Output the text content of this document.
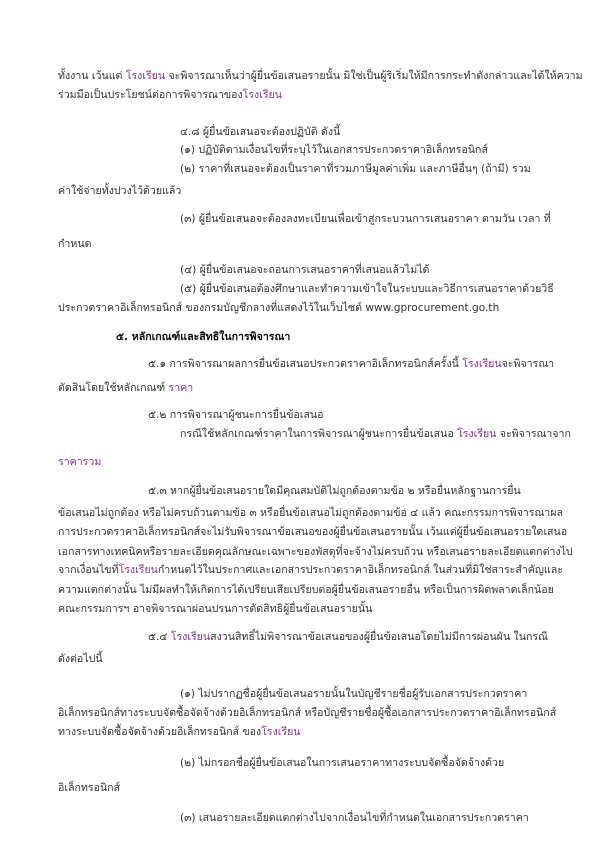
ทั้งงาน เว้นแต่ โรงเรียน จะพิจารณาเห็นว่าผู้ยื่นข้อเสนอรายนั้น มิใช่เป็นผู้ริเริ่มให้มีการกระทำดังกล่าวและได้ให้ความ
ร่วมมือเป็นประโยชน์ต่อการพิจารณาของโรงเรียน
๔.๘ ผู้ยื่นข้อเสนอจะต้องปฏิบัติ ดังนี้
(๑) ปฏิบัติตามเงื่อนไขที่ระบุไว้ในเอกสารประกวดราคาอิเล็กทรอนิกส์
(๒) ราคาที่เสนอจะต้องเป็นราคาที่รวมภาษีมูลค่าเพิ่ม และภาษีอื่นๆ (ถ้ามี) รวม
ค่าใช้จ่ายทั้งปวงไว้ด้วยแล้ว
(๓) ผู้ยื่นข้อเสนอจะต้องลงทะเบียนเพื่อเข้าสู่กระบวนการเสนอราคา ตามวัน เวลา ที่
กำหนด
(๔) ผู้ยื่นข้อเสนอจะถอนการเสนอราคาที่เสนอแล้วไม่ได้
(๕) ผู้ยื่นข้อเสนอต้องศึกษาและทำความเข้าใจในระบบและวิธีการเสนอราคาด้วยวิธี
ประกวดราคาอิเล็กทรอนิกส์ ของกรมบัญชีกลางที่แสดงไว้ในเว็บไซต์ www.gprocurement.go.th
๕. หลักเกณฑ์และสิทธิในการพิจารณา
๕.๑ การพิจารณาผลการยื่นข้อเสนอประกวดราคาอิเล็กทรอนิกส์ครั้งนี้ โรงเรียนจะพิจารณา
ตัดสินโดยใช้หลักเกณฑ์ ราคา
๕.๒ การพิจารณาผู้ชนะการยื่นข้อเสนอ
กรณีใช้หลักเกณฑ์ราคาในการพิจารณาผู้ชนะการยื่นข้อเสนอ โรงเรียน จะพิจารณาจาก
ราคารวม
๕.๓ หากผู้ยื่นข้อเสนอรายใดมีคุณสมบัติไม่ถูกต้องตามข้อ ๒ หรือยื่นหลักฐานการยื่น
ข้อเสนอไม่ถูกต้อง หรือไม่ครบถ้วนตามข้อ ๓ หรือยื่นข้อเสนอไม่ถูกต้องตามข้อ ๔ แล้ว คณะกรรมการพิจารณาผล
การประกวดราคาอิเล็กทรอนิกส์จะไม่รับพิจารณาข้อเสนอของผู้ยื่นข้อเสนอรายนั้น เว้นแต่ผู้ยื่นข้อเสนอรายใดเสนอ
เอกสารทางเทคนิคหรือรายละเอียดคุณลักษณะเฉพาะของพัสดุที่จะจ้างไม่ครบถ้วน หรือเสนอรายละเอียดแตกต่างไป
จากเงื่อนไขที่โรงเรียนกำหนดไว้ในประกาศและเอกสารประกวดราคาอิเล็กทรอนิกส์ ในส่วนที่มิใช่สาระสำคัญและ
ความแตกต่างนั้น ไม่มีผลทำให้เกิดการได้เปรียบเสียเปรียบต่อผู้ยื่นข้อเสนอรายอื่น หรือเป็นการผิดพลาดเล็กน้อย
คณะกรรมการฯ อาจพิจารณาผ่อนปรนการตัดสิทธิผู้ยื่นข้อเสนอรายนั้น
๕.๔ โรงเรียนสงวนสิทธิ์ไม่พิจารณาข้อเสนอของผู้ยื่นข้อเสนอโดยไม่มีการผ่อนผัน ในกรณี
ดังต่อไปนี้
(๑) ไม่ปรากฏชื่อผู้ยื่นข้อเสนอรายนั้นในบัญชีรายชื่อผู้รับเอกสารประกวดราคา
อิเล็กทรอนิกส์ทางระบบจัดซื้อจัดจ้างด้วยอิเล็กทรอนิกส์ หรือบัญชีรายชื่อผู้ซื้อเอกสารประกวดราคาอิเล็กทรอนิกส์
ทางระบบจัดซื้อจัดจ้างด้วยอิเล็กทรอนิกส์ ของโรงเรียน
(๒) ไม่กรอกชื่อผู้ยื่นข้อเสนอในการเสนอราคาทางระบบจัดซื้อจัดจ้างด้วย
อิเล็กทรอนิกส์
(๓) เสนอรายละเอียดแตกต่างไปจากเงื่อนไขที่กำหนดในเอกสารประกวดราคา
